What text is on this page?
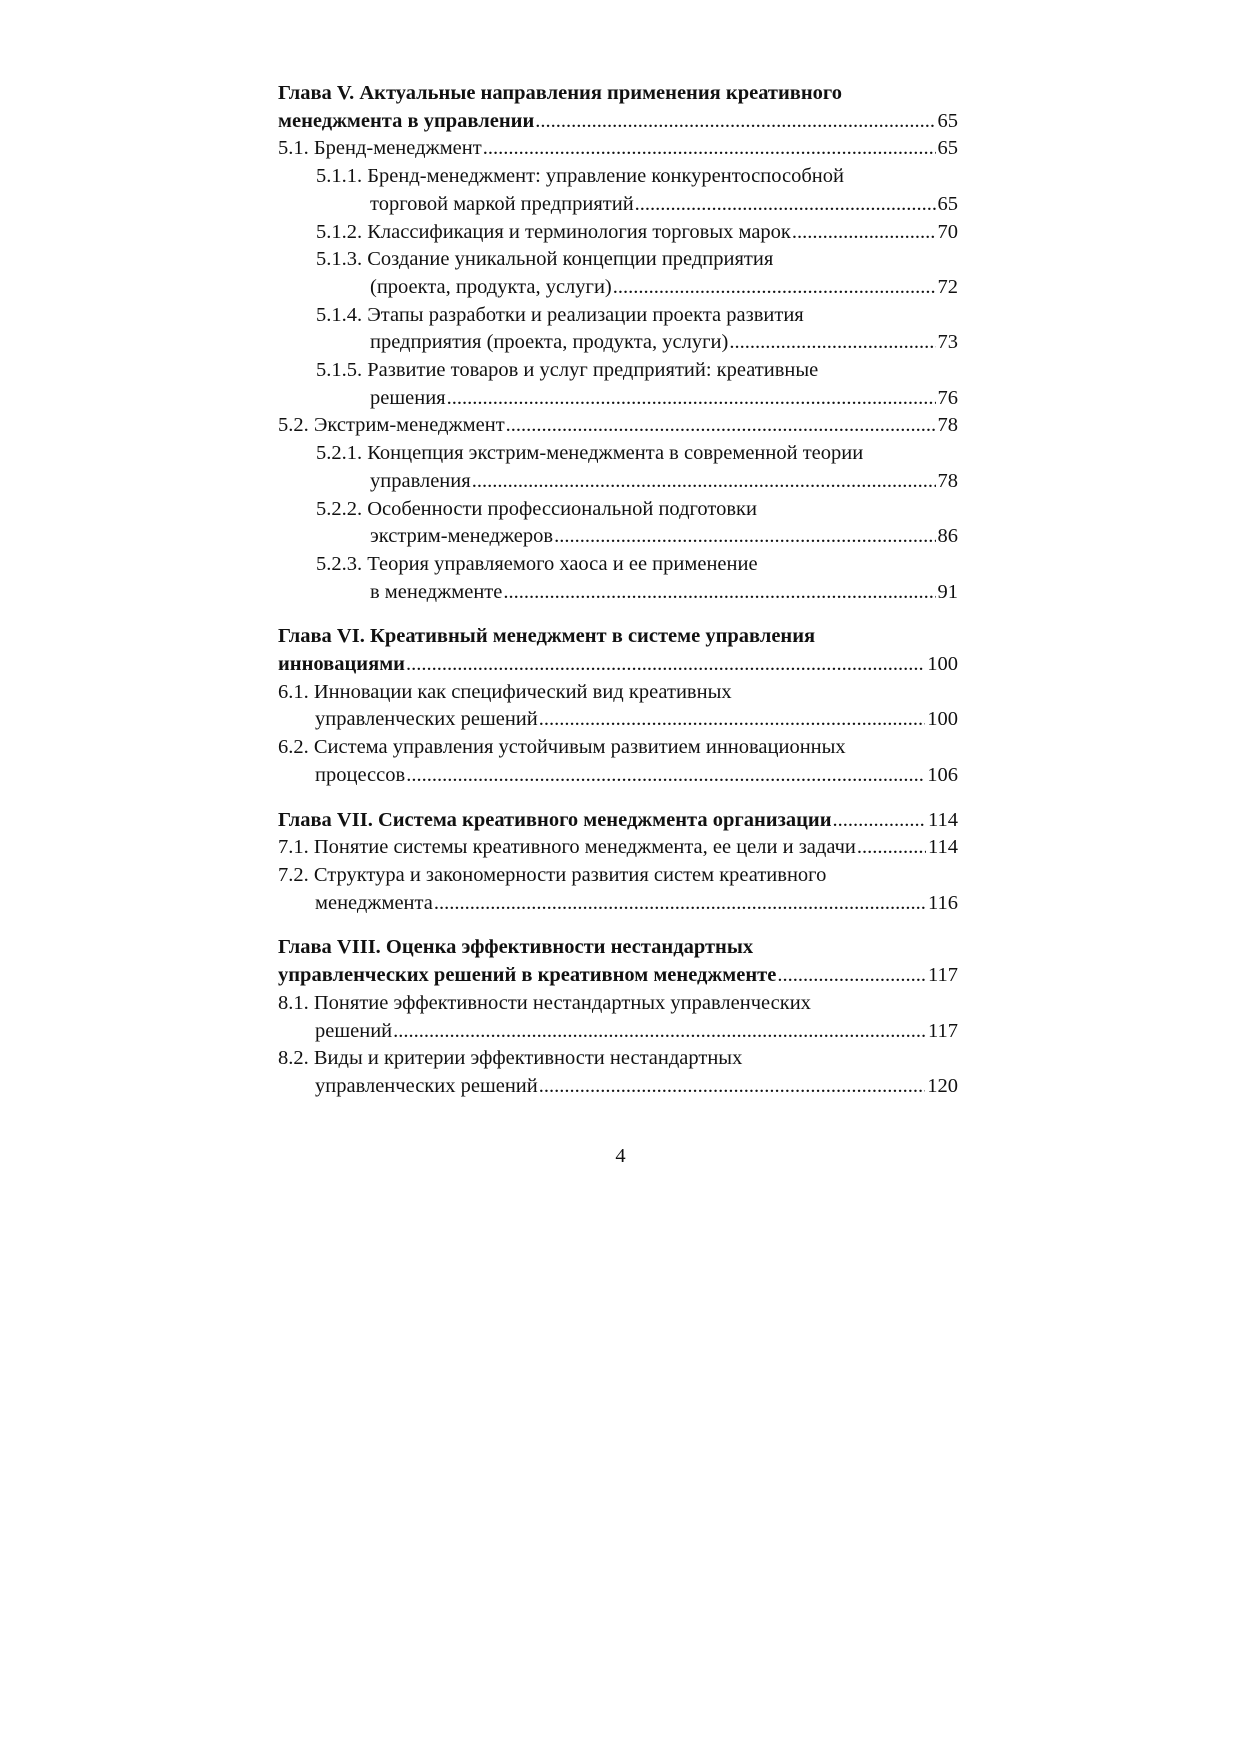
Глава V. Актуальные направления применения креативного
менеджмента в управлении .....	65
5.1. Бренд-менеджмент .....	65
5.1.1. Бренд-менеджмент: управление конкурентоспособной
торговой маркой предприятий .....	65
5.1.2. Классификация и терминология торговых марок .....	70
5.1.3. Создание уникальной концепции предприятия
(проекта, продукта, услуги) .....	72
5.1.4. Этапы разработки и реализации проекта развития
предприятия (проекта, продукта, услуги) .....	73
5.1.5. Развитие товаров и услуг предприятий: креативные
решения .....	76
5.2. Экстрим-менеджмент .....	78
5.2.1. Концепция экстрим-менеджмента в современной теории
управления .....	78
5.2.2. Особенности профессиональной подготовки
экстрим-менеджеров .....	86
5.2.3. Теория управляемого хаоса и ее применение
в менеджменте .....	91
Глава VI. Креативный менеджмент в системе управления
инновациями .....	100
6.1. Инновации как специфический вид креативных
управленческих решений .....	100
6.2. Система управления устойчивым развитием инновационных
процессов .....	106
Глава VII. Система креативного менеджмента организации .....	114
7.1. Понятие системы креативного менеджмента, ее цели и задачи .....	114
7.2. Структура и закономерности развития систем креативного
менеджмента .....	116
Глава VIII. Оценка эффективности нестандартных
управленческих решений в креативном менеджменте .....	117
8.1. Понятие эффективности нестандартных управленческих
решений .....	117
8.2. Виды и критерии эффективности нестандартных
управленческих решений .....	120
4
